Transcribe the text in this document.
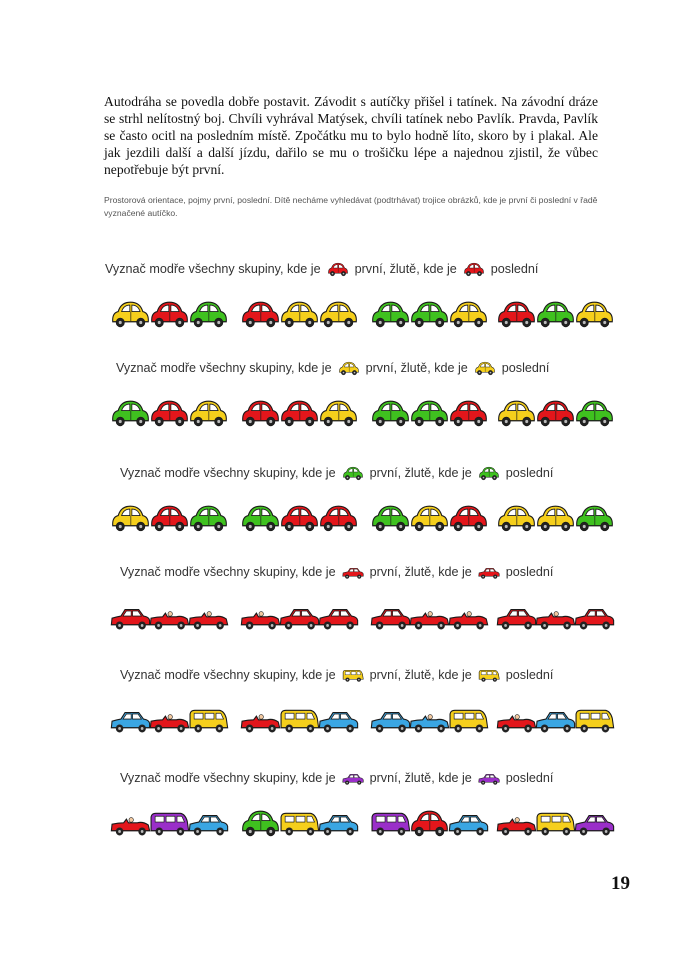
Autodráha se povedla dobře postavit. Závodit s autíčky přišel i tatínek. Na závodní dráze se strhl nelítostný boj. Chvíli vyhrával Matýsek, chvíli tatínek nebo Pavlík. Pravda, Pavlík se často ocitl na posledním místě. Zpočátku mu to bylo hodně líto, skoro by i plakal. Ale jak jezdili další a další jízdu, dařilo se mu o trošičku lépe a najednou zjistil, že vůbec nepotřebuje být první.

Prostorová orientace, pojmy první, poslední. Dítě necháme vyhledávat (podtrhávat) trojice obrázků, kde je první či poslední v řadě vyznačené autíčko.

Vyznač modře všechny skupiny, kde je	první, žlutě, kde je	poslední
Vyznač modře všechny skupiny, kde je	první, žlutě, kde je	poslední
Vyznač modře všechny skupiny, kde je	první, žlutě, kde je	poslední
Vyznač modře všechny skupiny, kde je	první, žlutě, kde je	poslední
Vyznač modře všechny skupiny, kde je	první, žlutě, kde je	poslední
Vyznač modře všechny skupiny, kde je	první, žlutě, kde je	poslední
19
